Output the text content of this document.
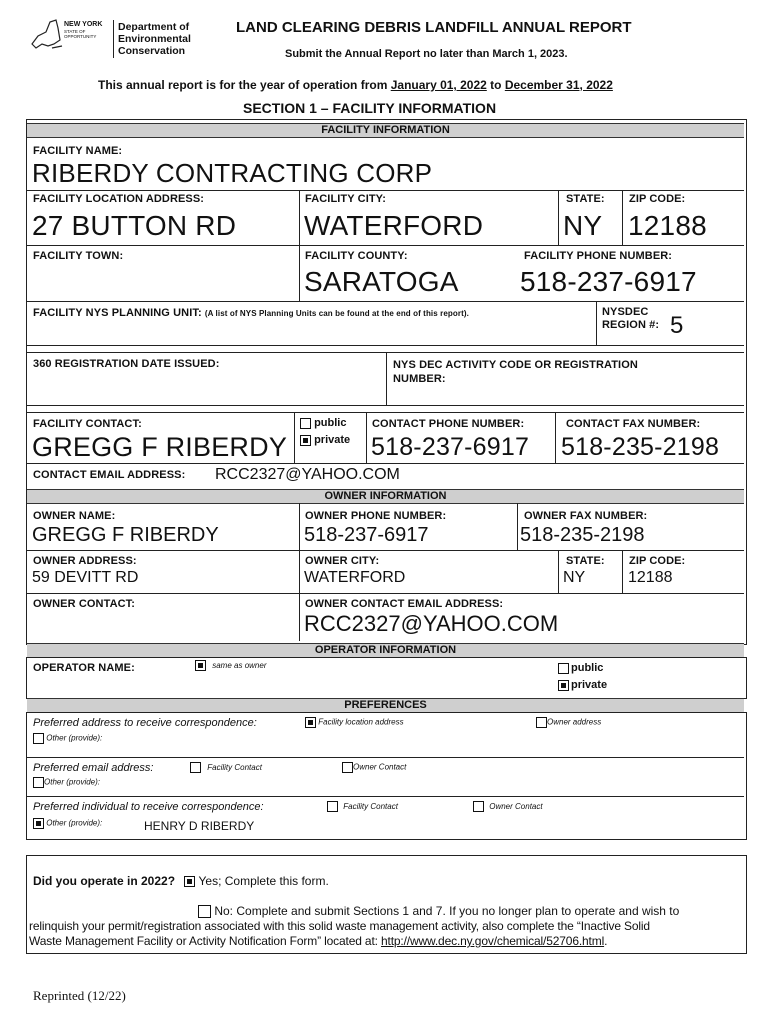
NEW YORK
STATE OF
OPPORTUNITY
Department of
Environmental
Conservation
LAND CLEARING DEBRIS LANDFILL ANNUAL REPORT
Submit the Annual Report no later than March 1, 2023.
This annual report is for the year of operation from January 01, 2022 to December 31, 2022
SECTION 1 – FACILITY INFORMATION
FACILITY INFORMATION
FACILITY NAME:
RIBERDY CONTRACTING CORP
FACILITY LOCATION ADDRESS:
27 BUTTON RD
FACILITY CITY:
WATERFORD
STATE:
NY
ZIP CODE:
12188
FACILITY TOWN:	FACILITY COUNTY:
SARATOGA
FACILITY PHONE NUMBER:
518-237-6917
FACILITY NYS PLANNING UNIT: (A list of NYS Planning Units can be found at the end of this report).	NYSDEC
REGION #: 5
360 REGISTRATION DATE ISSUED:	NYS DEC ACTIVITY CODE OR REGISTRATION
NUMBER:
FACILITY CONTACT:
GREGG F RIBERDY
public
private
CONTACT PHONE NUMBER:
518-237-6917
CONTACT FAX NUMBER:
518-235-2198
CONTACT EMAIL ADDRESS: RCC2327@YAHOO.COM
OWNER INFORMATION
OWNER NAME:
GREGG F RIBERDY
OWNER PHONE NUMBER:
518-237-6917
OWNER FAX NUMBER:
518-235-2198
OWNER ADDRESS:
59 DEVITT RD
OWNER CITY:
WATERFORD
STATE:
NY
ZIP CODE:
12188
OWNER CONTACT:	OWNER CONTACT EMAIL ADDRESS:
RCC2327@YAHOO.COM
OPERATOR INFORMATION
OPERATOR NAME:	same as owner	public
private
PREFERENCES
Preferred address to receive correspondence:	Facility location address	Owner address
Other (provide):
Preferred email address:	Facility Contact	Owner Contact
Other (provide):
Preferred individual to receive correspondence:	Facility Contact	Owner Contact
Other (provide):	HENRY D RIBERDY
Did you operate in 2022? Yes; Complete this form.
No: Complete and submit Sections 1 and 7. If you no longer plan to operate and wish to
relinquish your permit/registration associated with this solid waste management activity, also complete the “Inactive Solid
Waste Management Facility or Activity Notification Form” located at: http://www.dec.ny.gov/chemical/52706.html.
Reprinted (12/22)
